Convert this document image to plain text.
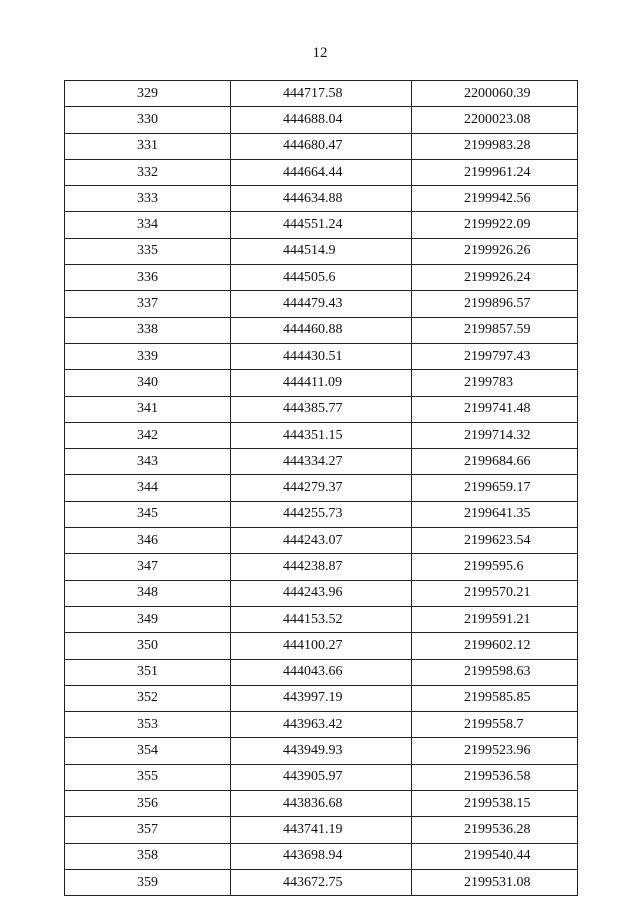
12
329	444717.58	2200060.39
330	444688.04	2200023.08
331	444680.47	2199983.28
332	444664.44	2199961.24
333	444634.88	2199942.56
334	444551.24	2199922.09
335	444514.9	2199926.26
336	444505.6	2199926.24
337	444479.43	2199896.57
338	444460.88	2199857.59
339	444430.51	2199797.43
340	444411.09	2199783
341	444385.77	2199741.48
342	444351.15	2199714.32
343	444334.27	2199684.66
344	444279.37	2199659.17
345	444255.73	2199641.35
346	444243.07	2199623.54
347	444238.87	2199595.6
348	444243.96	2199570.21
349	444153.52	2199591.21
350	444100.27	2199602.12
351	444043.66	2199598.63
352	443997.19	2199585.85
353	443963.42	2199558.7
354	443949.93	2199523.96
355	443905.97	2199536.58
356	443836.68	2199538.15
357	443741.19	2199536.28
358	443698.94	2199540.44
359	443672.75	2199531.08
